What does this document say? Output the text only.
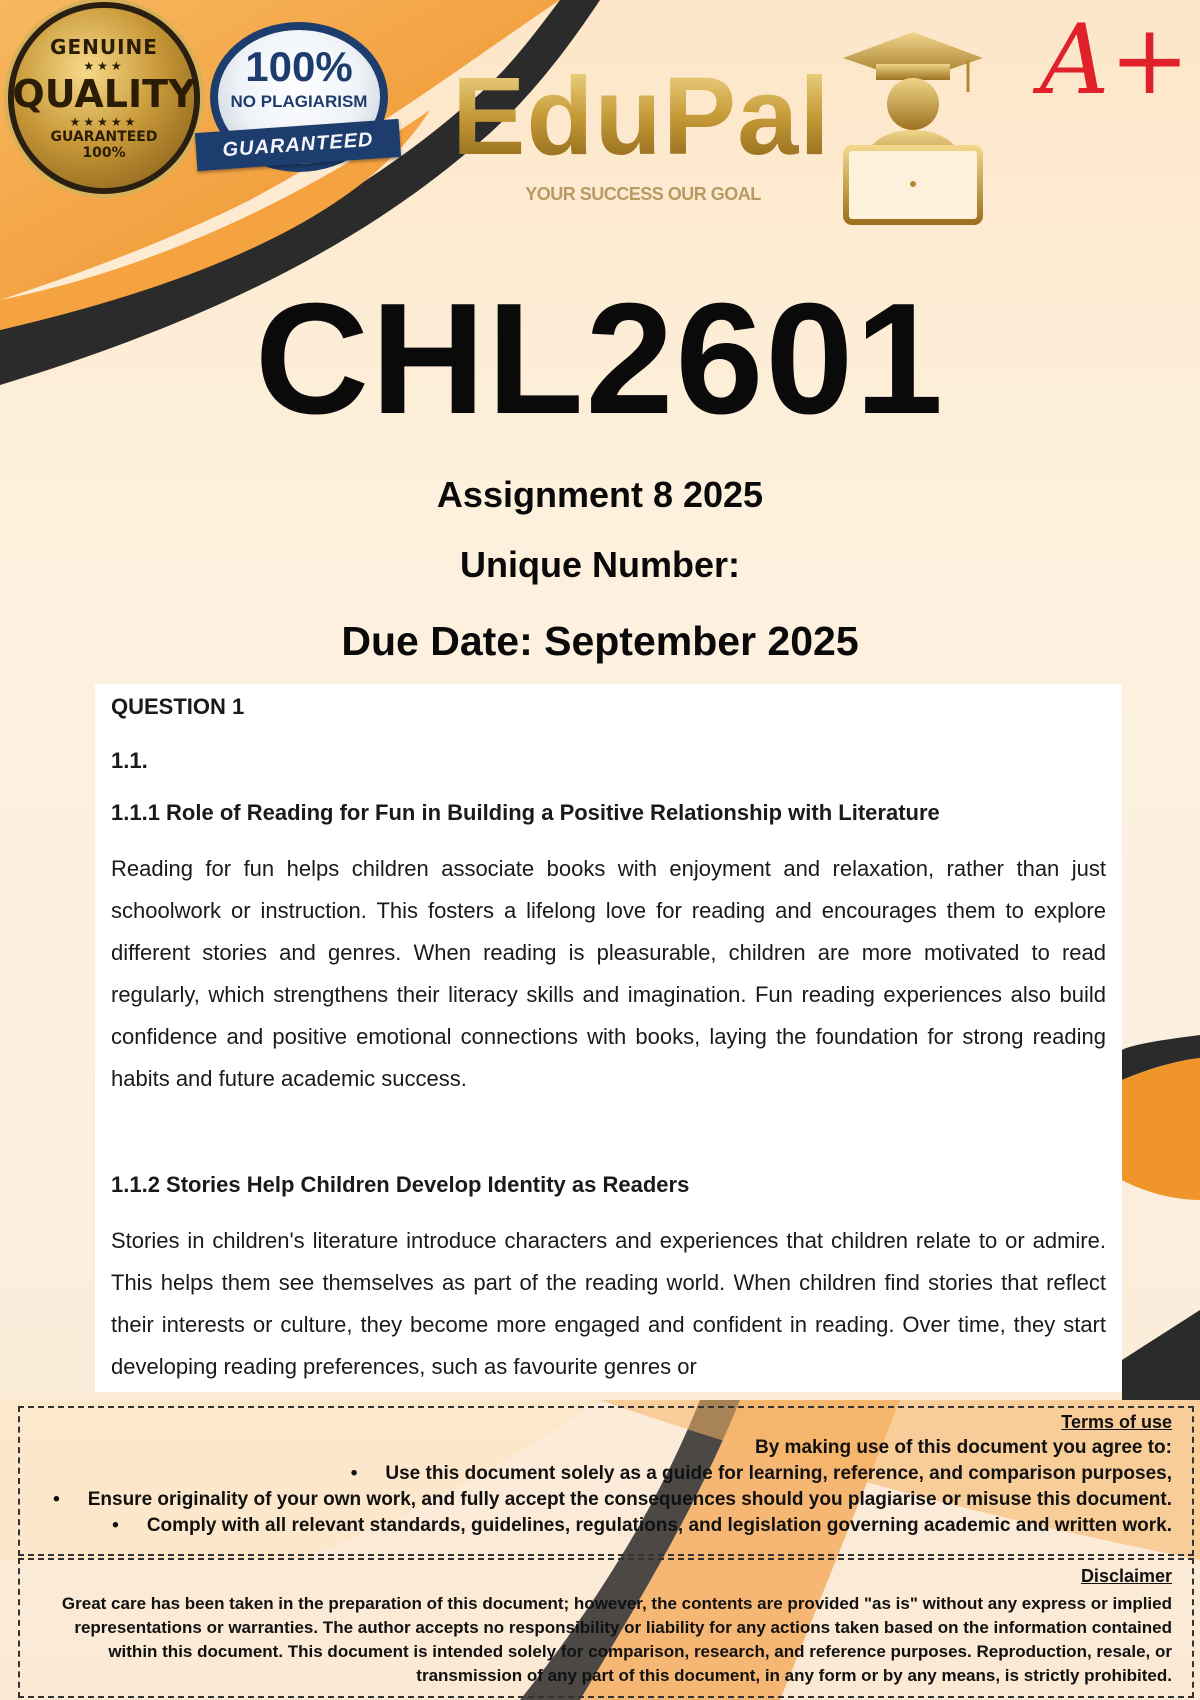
GENUINE
★★★
QUALITY
★★★★★
GUARANTEED
100%
100%
NO PLAGIARISM
GUARANTEED EduPal
YOUR SUCCESS OUR GOAL
A+
CHL2601
Assignment 8 2025
Unique Number:
Due Date: September 2025
QUESTION 1
1.1.
1.1.1 Role of Reading for Fun in Building a Positive Relationship with Literature

Reading for fun helps children associate books with enjoyment and relaxation, rather than just schoolwork or instruction. This fosters a lifelong love for reading and encourages them to explore different stories and genres. When reading is pleasurable, children are more motivated to read regularly, which strengthens their literacy skills and imagination. Fun reading experiences also build confidence and positive emotional connections with books, laying the foundation for strong reading habits and future academic success.

1.1.2 Stories Help Children Develop Identity as Readers

Stories in children's literature introduce characters and experiences that children relate to or admire. This helps them see themselves as part of the reading world. When children find stories that reflect their interests or culture, they become more engaged and confident in reading. Over time, they start developing reading preferences, such as favourite genres or

Terms of use
By making use of this document you agree to:
• Use this document solely as a guide for learning, reference, and comparison purposes,
• Ensure originality of your own work, and fully accept the consequences should you plagiarise or misuse this document.
• Comply with all relevant standards, guidelines, regulations, and legislation governing academic and written work.
Disclaimer
Great care has been taken in the preparation of this document; however, the contents are provided "as is" without any express or implied representations or warranties. The author accepts no responsibility or liability for any actions taken based on the information contained within this document. This document is intended solely for comparison, research, and reference purposes. Reproduction, resale, or transmission of any part of this document, in any form or by any means, is strictly prohibited.
